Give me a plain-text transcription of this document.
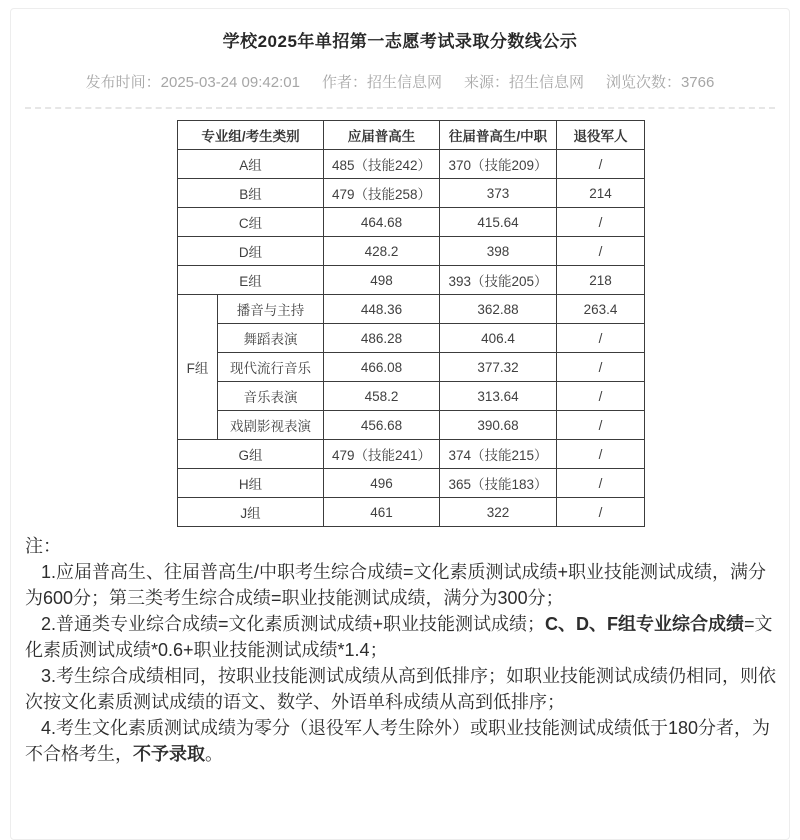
学校2025年单招第一志愿考试录取分数线公示
发布时间：2025-03-24 09:42:01 作者：招生信息网 来源：招生信息网 浏览次数：3766
专业组/考生类别		应届普高生	往届普高生/中职	退役军人
A组		485（技能242）	370（技能209）	/
B组		479（技能258）	373	214
C组		464.68	415.64	/
D组		428.2	398	/
E组		498	393（技能205）	218
F组	播音与主持	448.36	362.88	263.4
	舞蹈表演	486.28	406.4	/
	现代流行音乐	466.08	377.32	/
	音乐表演	458.2	313.64	/
	戏剧影视表演	456.68	390.68	/
G组		479（技能241）	374（技能215）	/
H组		496	365（技能183）	/
J组		461	322	/

注：

1.应届普高生、往届普高生/中职考生综合成绩=文化素质测试成绩+职业技能测试成绩，满分为600分；第三类考生综合成绩=职业技能测试成绩，满分为300分；

2.普通类专业综合成绩=文化素质测试成绩+职业技能测试成绩；C、D、F组专业综合成绩=文化素质测试成绩*0.6+职业技能测试成绩*1.4；

3.考生综合成绩相同，按职业技能测试成绩从高到低排序；如职业技能测试成绩仍相同，则依次按文化素质测试成绩的语文、数学、外语单科成绩从高到低排序；

4.考生文化素质测试成绩为零分（退役军人考生除外）或职业技能测试成绩低于180分者，为不合格考生，不予录取。
